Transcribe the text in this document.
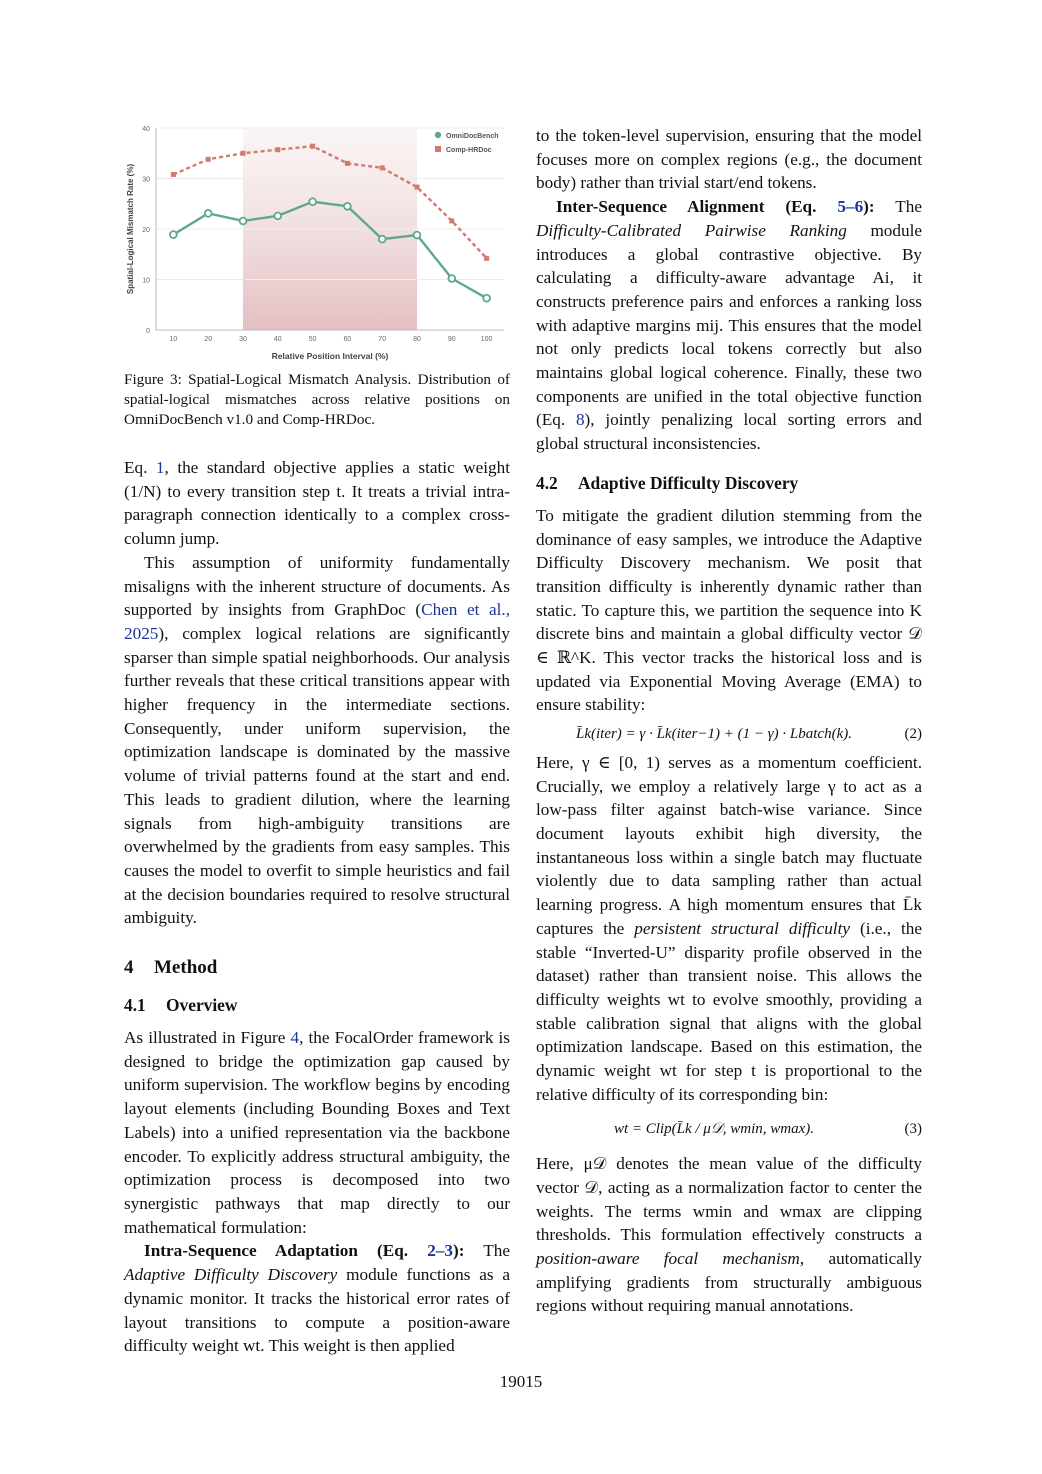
0
10
20
30
40
10	20	30	40	50	60	70	80	90	100
Relative Position Interval (%)
Spatial-Logical Mismatch Rate (%)
OmniDocBench
Comp-HRDoc

Figure 3: Spatial-Logical Mismatch Analysis. Distribution of spatial-logical mismatches across relative positions on OmniDocBench v1.0 and Comp-HRDoc.

Eq. 1, the standard objective applies a static weight (1/N) to every transition step t. It treats a trivial intra-paragraph connection identically to a complex cross-column jump.

This assumption of uniformity fundamentally misaligns with the inherent structure of documents. As supported by insights from GraphDoc (Chen et al., 2025), complex logical relations are significantly sparser than simple spatial neighborhoods. Our analysis further reveals that these critical transitions appear with higher frequency in the intermediate sections. Consequently, under uniform supervision, the optimization landscape is dominated by the massive volume of trivial patterns found at the start and end. This leads to gradient dilution, where the learning signals from high-ambiguity transitions are overwhelmed by the gradients from easy samples. This causes the model to overfit to simple heuristics and fail at the decision boundaries required to resolve structural ambiguity.

4 Method
4.1 Overview

As illustrated in Figure 4, the FocalOrder framework is designed to bridge the optimization gap caused by uniform supervision. The workflow begins by encoding layout elements (including Bounding Boxes and Text Labels) into a unified representation via the backbone encoder. To explicitly address structural ambiguity, the optimization process is decomposed into two synergistic pathways that map directly to our mathematical formulation:

Intra-Sequence Adaptation (Eq. 2–3): The Adaptive Difficulty Discovery module functions as a dynamic monitor. It tracks the historical error rates of layout transitions to compute a position-aware difficulty weight wt. This weight is then applied

to the token-level supervision, ensuring that the model focuses more on complex regions (e.g., the document body) rather than trivial start/end tokens.

Inter-Sequence Alignment (Eq. 5–6): The Difficulty-Calibrated Pairwise Ranking module introduces a global contrastive objective. By calculating a difficulty-aware advantage Ai, it constructs preference pairs and enforces a ranking loss with adaptive margins mij. This ensures that the model not only predicts local tokens correctly but also maintains global logical coherence. Finally, these two components are unified in the total objective function (Eq. 8), jointly penalizing local sorting errors and global structural inconsistencies.

4.2 Adaptive Difficulty Discovery

To mitigate the gradient dilution stemming from the dominance of easy samples, we introduce the Adaptive Difficulty Discovery mechanism. We posit that transition difficulty is inherently dynamic rather than static. To capture this, we partition the sequence into K discrete bins and maintain a global difficulty vector 𝒟 ∈ ℝ^K. This vector tracks the historical loss and is updated via Exponential Moving Average (EMA) to ensure stability:

L̄k(iter) = γ · L̄k(iter−1) + (1 − γ) · Lbatch(k).	(2)

Here, γ ∈ [0, 1) serves as a momentum coefficient. Crucially, we employ a relatively large γ to act as a low-pass filter against batch-wise variance. Since document layouts exhibit high diversity, the instantaneous loss within a single batch may fluctuate violently due to data sampling rather than actual learning progress. A high momentum ensures that L̄k captures the persistent structural difficulty (i.e., the stable “Inverted-U” disparity profile observed in the dataset) rather than transient noise. This allows the difficulty weights wt to evolve smoothly, providing a stable calibration signal that aligns with the global optimization landscape. Based on this estimation, the dynamic weight wt for step t is proportional to the relative difficulty of its corresponding bin:

wt = Clip(L̄k / μ𝒟, wmin, wmax).	(3)

Here, μ𝒟 denotes the mean value of the difficulty vector 𝒟, acting as a normalization factor to center the weights. The terms wmin and wmax are clipping thresholds. This formulation effectively constructs a position-aware focal mechanism, automatically amplifying gradients from structurally ambiguous regions without requiring manual annotations.

19015
